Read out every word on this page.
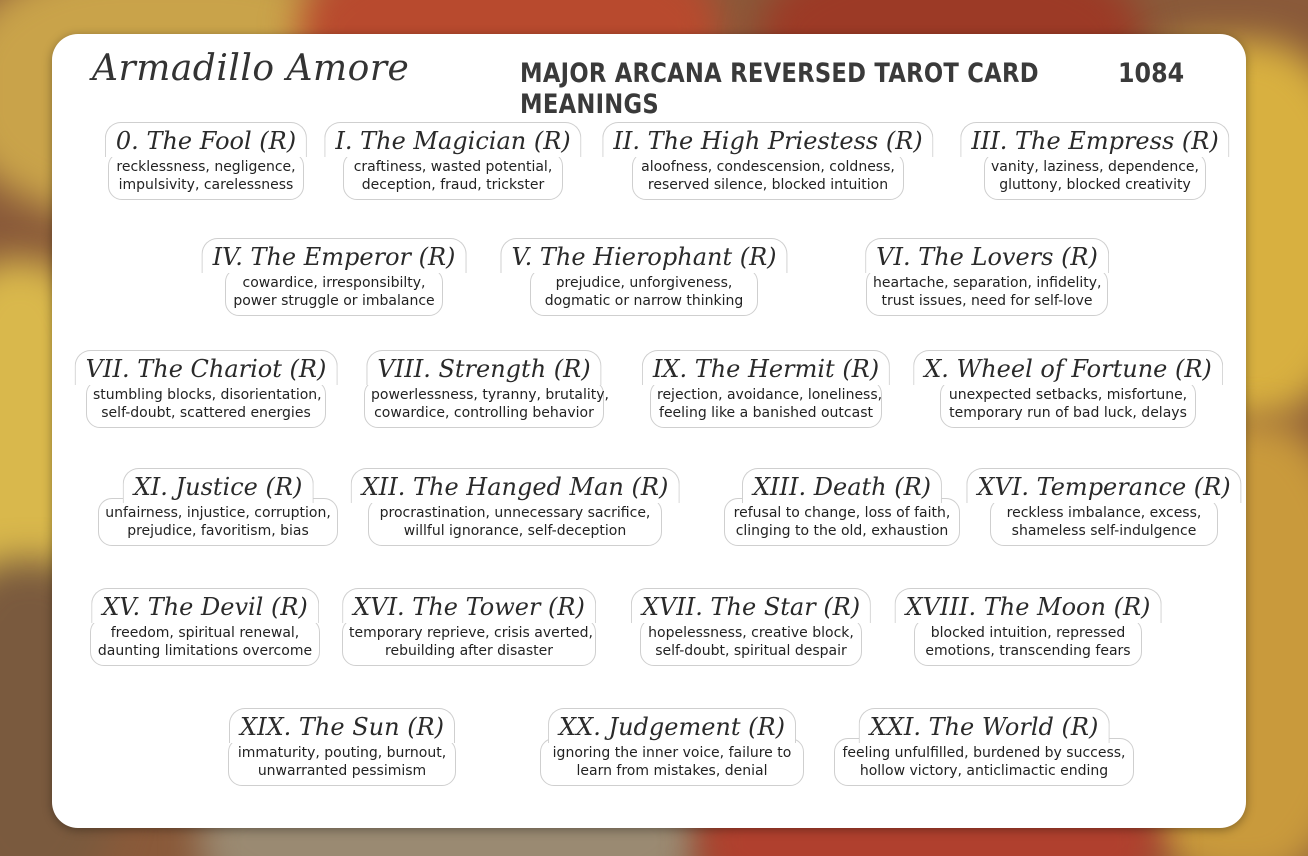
Armadillo Amore	MAJOR ARCANA REVERSED TAROT CARD MEANINGS
1084
0. The Fool (R)
recklessness, negligence,
impulsivity, carelessness
I. The Magician (R)
craftiness, wasted potential,
deception, fraud, trickster
II. The High Priestess (R)
aloofness, condescension, coldness,
reserved silence, blocked intuition
III. The Empress (R)
vanity, laziness, dependence,
gluttony, blocked creativity
IV. The Emperor (R)
cowardice, irresponsibilty,
power struggle or imbalance
V. The Hierophant (R)
prejudice, unforgiveness,
dogmatic or narrow thinking
VI. The Lovers (R)
heartache, separation, infidelity,
trust issues, need for self-love
VII. The Chariot (R)
stumbling blocks, disorientation,
self-doubt, scattered energies
VIII. Strength (R)
powerlessness, tyranny, brutality,
cowardice, controlling behavior
IX. The Hermit (R)
rejection, avoidance, loneliness,
feeling like a banished outcast
X. Wheel of Fortune (R)
unexpected setbacks, misfortune,
temporary run of bad luck, delays
XI. Justice (R)
unfairness, injustice, corruption,
prejudice, favoritism, bias
XII. The Hanged Man (R)
procrastination, unnecessary sacrifice,
willful ignorance, self-deception
XIII. Death (R)
refusal to change, loss of faith,
clinging to the old, exhaustion
XVI. Temperance (R)
reckless imbalance, excess,
shameless self-indulgence
XV. The Devil (R)
freedom, spiritual renewal,
daunting limitations overcome
XVI. The Tower (R)
temporary reprieve, crisis averted,
rebuilding after disaster
XVII. The Star (R)
hopelessness, creative block,
self-doubt, spiritual despair
XVIII. The Moon (R)
blocked intuition, repressed
emotions, transcending fears
XIX. The Sun (R)
immaturity, pouting, burnout,
unwarranted pessimism
XX. Judgement (R)
ignoring the inner voice, failure to
learn from mistakes, denial
XXI. The World (R)
feeling unfulfilled, burdened by success,
hollow victory, anticlimactic ending
